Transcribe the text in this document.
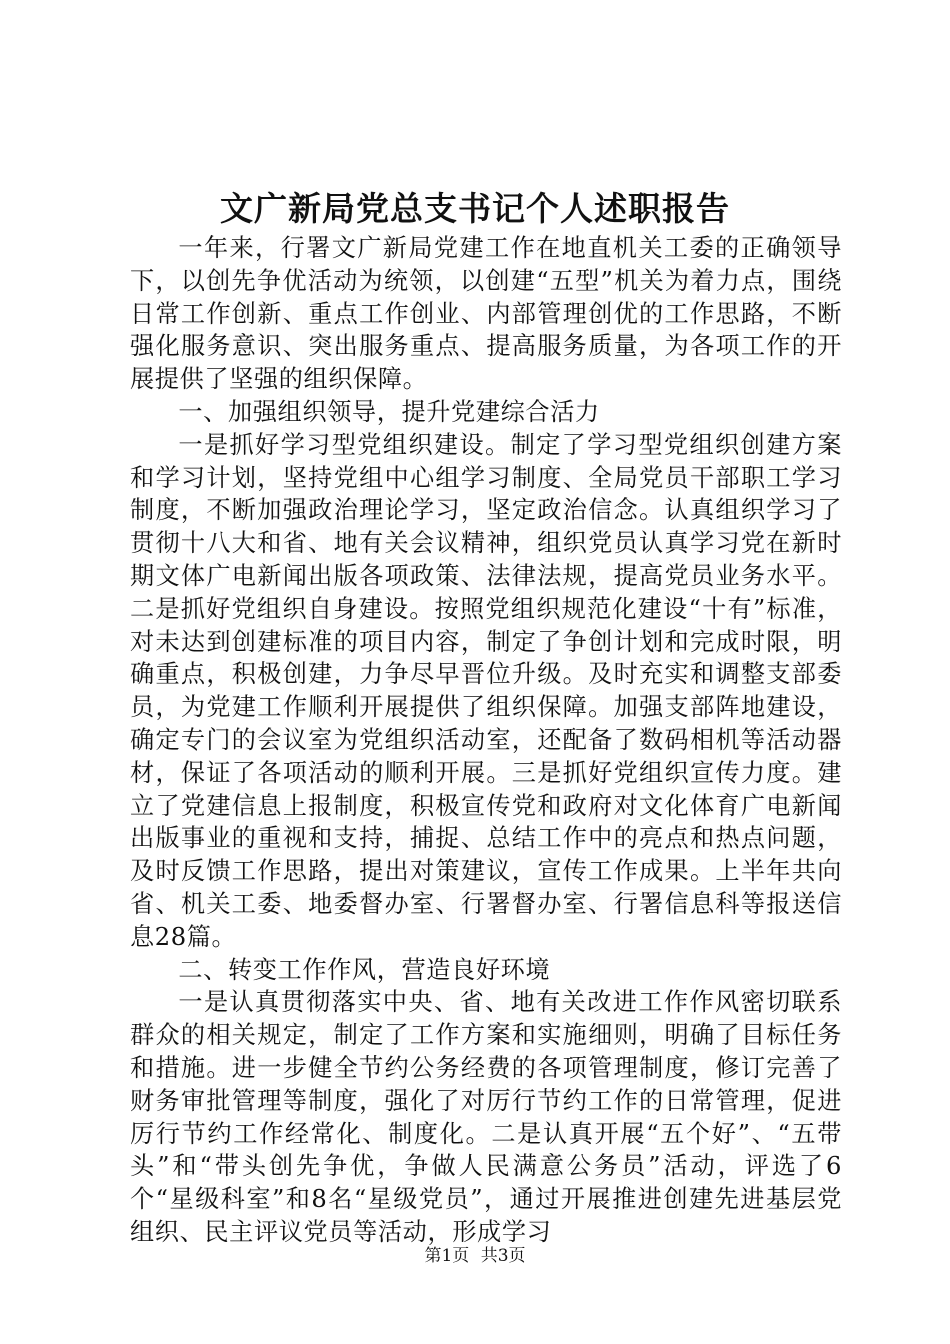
文广新局党总支书记个人述职报告

一年来，行署文广新局党建工作在地直机关工委的正确领导下，以创先争优活动为统领，以创建“五型”机关为着力点，围绕日常工作创新、重点工作创业、内部管理创优的工作思路，不断强化服务意识、突出服务重点、提高服务质量，为各项工作的开展提供了坚强的组织保障。

一、加强组织领导，提升党建综合活力

一是抓好学习型党组织建设。制定了学习型党组织创建方案和学习计划，坚持党组中心组学习制度、全局党员干部职工学习制度，不断加强政治理论学习，坚定政治信念。认真组织学习了贯彻十八大和省、地有关会议精神，组织党员认真学习党在新时期文体广电新闻出版各项政策、法律法规，提高党员业务水平。二是抓好党组织自身建设。按照党组织规范化建设“十有”标准，对未达到创建标准的项目内容，制定了争创计划和完成时限，明确重点，积极创建，力争尽早晋位升级。及时充实和调整支部委员，为党建工作顺利开展提供了组织保障。加强支部阵地建设，确定专门的会议室为党组织活动室，还配备了数码相机等活动器材，保证了各项活动的顺利开展。三是抓好党组织宣传力度。建立了党建信息上报制度，积极宣传党和政府对文化体育广电新闻出版事业的重视和支持，捕捉、总结工作中的亮点和热点问题，及时反馈工作思路，提出对策建议，宣传工作成果。上半年共向省、机关工委、地委督办室、行署督办室、行署信息科等报送信息28篇。

二、转变工作作风，营造良好环境

一是认真贯彻落实中央、省、地有关改进工作作风密切联系群众的相关规定，制定了工作方案和实施细则，明确了目标任务和措施。进一步健全节约公务经费的各项管理制度，修订完善了财务审批管理等制度，强化了对厉行节约工作的日常管理，促进厉行节约工作经常化、制度化。二是认真开展“五个好”、“五带头”和“带头创先争优，争做人民满意公务员”活动，评选了6个“星级科室”和8名“星级党员”，通过开展推进创建先进基层党组织、民主评议党员等活动，形成学习

第1页 共3页
